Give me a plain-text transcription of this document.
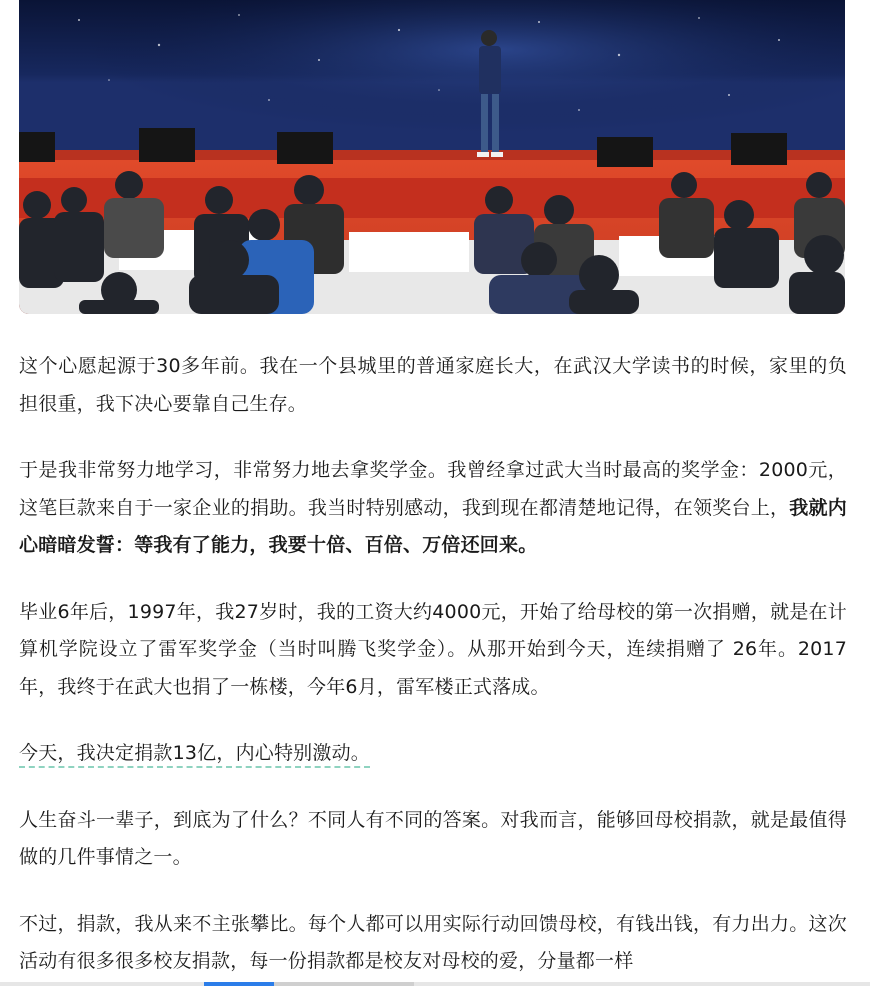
这个心愿起源于30多年前。我在一个县城里的普通家庭长大，在武汉大学读书的时候，家里的负担很重，我下决心要靠自己生存。

于是我非常努力地学习，非常努力地去拿奖学金。我曾经拿过武大当时最高的奖学金：2000元，这笔巨款来自于一家企业的捐助。我当时特别感动，我到现在都清楚地记得，在领奖台上，我就内心暗暗发誓：等我有了能力，我要十倍、百倍、万倍还回来。

毕业6年后，1997年，我27岁时，我的工资大约4000元，开始了给母校的第一次捐赠，就是在计算机学院设立了雷军奖学金（当时叫腾飞奖学金）。从那开始到今天，连续捐赠了 26年。2017年，我终于在武大也捐了一栋楼，今年6月，雷军楼正式落成。

今天，我决定捐款13亿，内心特别激动。

人生奋斗一辈子，到底为了什么？不同人有不同的答案。对我而言，能够回母校捐款，就是最值得做的几件事情之一。

不过，捐款，我从来不主张攀比。每个人都可以用实际行动回馈母校，有钱出钱，有力出力。这次活动有很多很多校友捐款，每一份捐款都是校友对母校的爱，分量都一样
